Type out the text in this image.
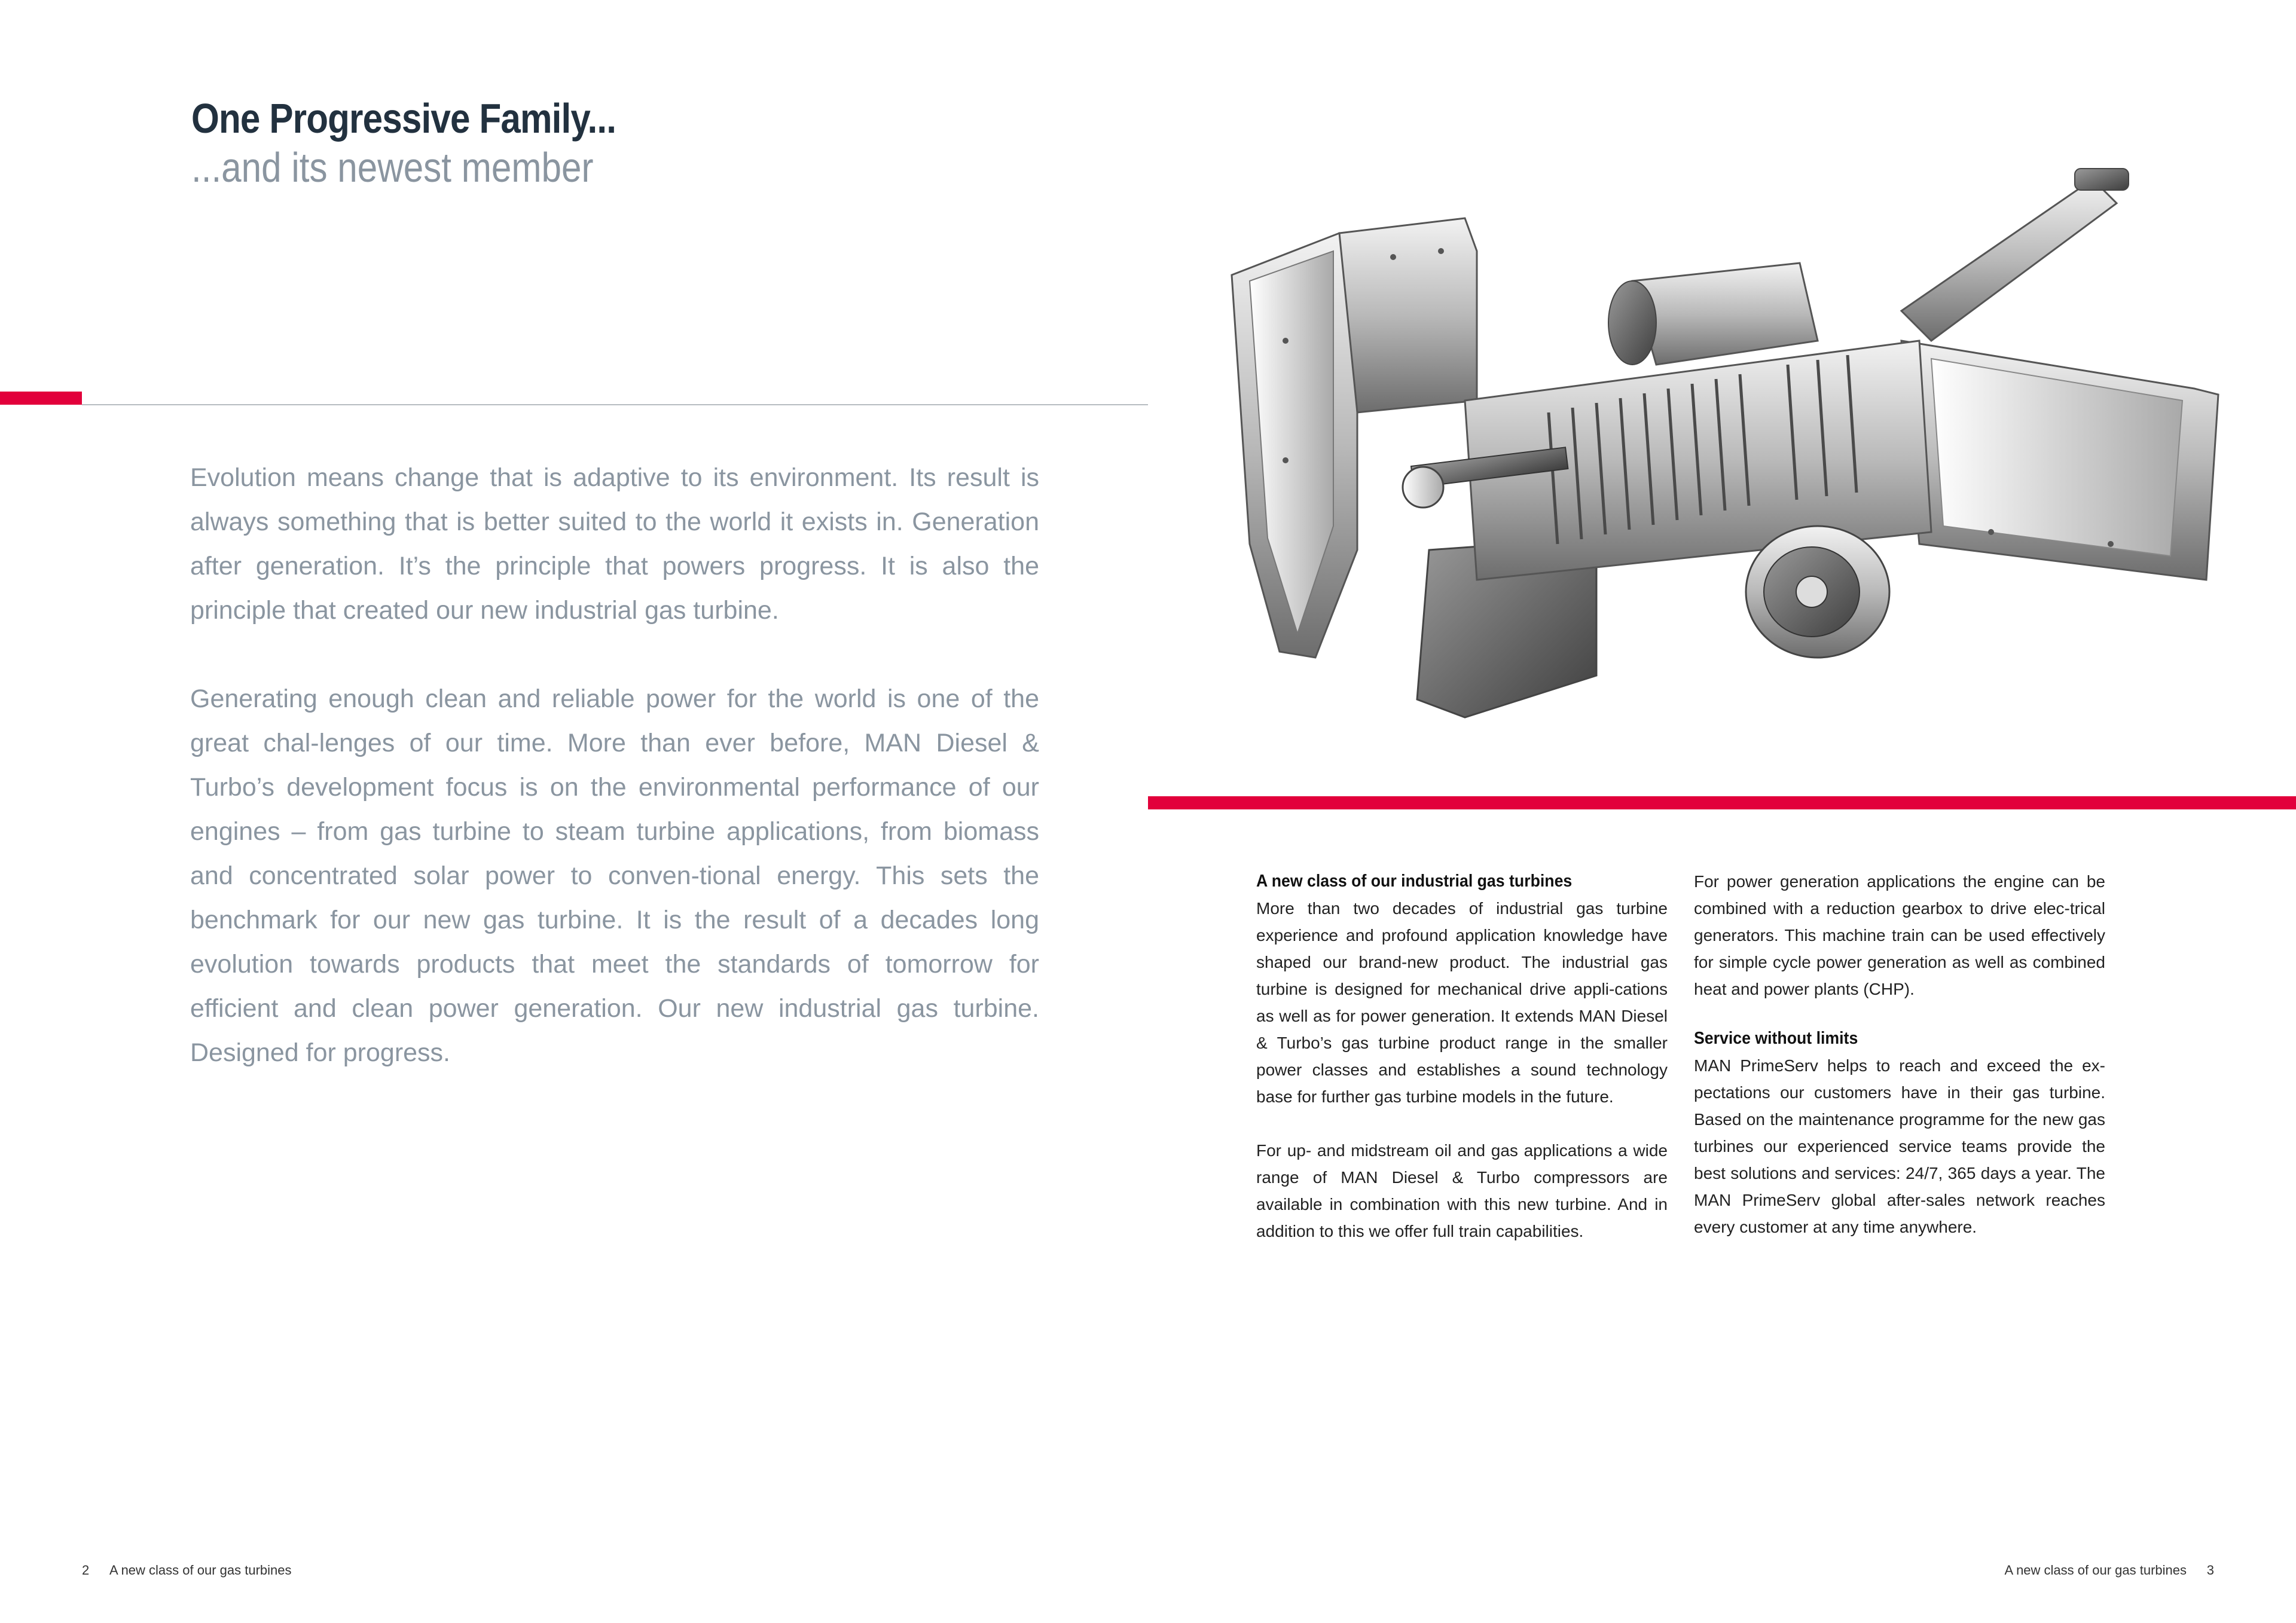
One Progressive Family...
...and its newest member

Evolution means change that is adaptive to its environment. Its result is always something that is better suited to the world it exists in. Generation after generation. It’s the principle that powers progress. It is also the principle that created our new industrial gas turbine.

Generating enough clean and reliable power for the world is one of the great chal-lenges of our time. More than ever before, MAN Diesel & Turbo’s development focus is on the environmental performance of our engines – from gas turbine to steam turbine applications, from biomass and concentrated solar power to conven-tional energy. This sets the benchmark for our new gas turbine. It is the result of a decades long evolution towards products that meet the standards of tomorrow for efficient and clean power generation. Our new industrial gas turbine. Designed for progress.

A new class of our industrial gas turbines

More than two decades of industrial gas turbine experience and profound application knowledge have shaped our brand-new product. The industrial gas turbine is designed for mechanical drive appli-cations as well as for power generation. It extends MAN Diesel & Turbo’s gas turbine product range in the smaller power classes and establishes a sound technology base for further gas turbine models in the future.

For up- and midstream oil and gas applications a wide range of MAN Diesel & Turbo compressors are available in combination with this new turbine. And in addition to this we offer full train capabilities.

For power generation applications the engine can be combined with a reduction gearbox to drive elec-trical generators. This machine train can be used effectively for simple cycle power generation as well as combined heat and power plants (CHP).

Service without limits

MAN PrimeServ helps to reach and exceed the ex-pectations our customers have in their gas turbine. Based on the maintenance programme for the new gas turbines our experienced service teams provide the best solutions and services: 24/7, 365 days a year. The MAN PrimeServ global after-sales network reaches every customer at any time anywhere.

2 A new class of our gas turbines	A new class of our gas turbines 3
